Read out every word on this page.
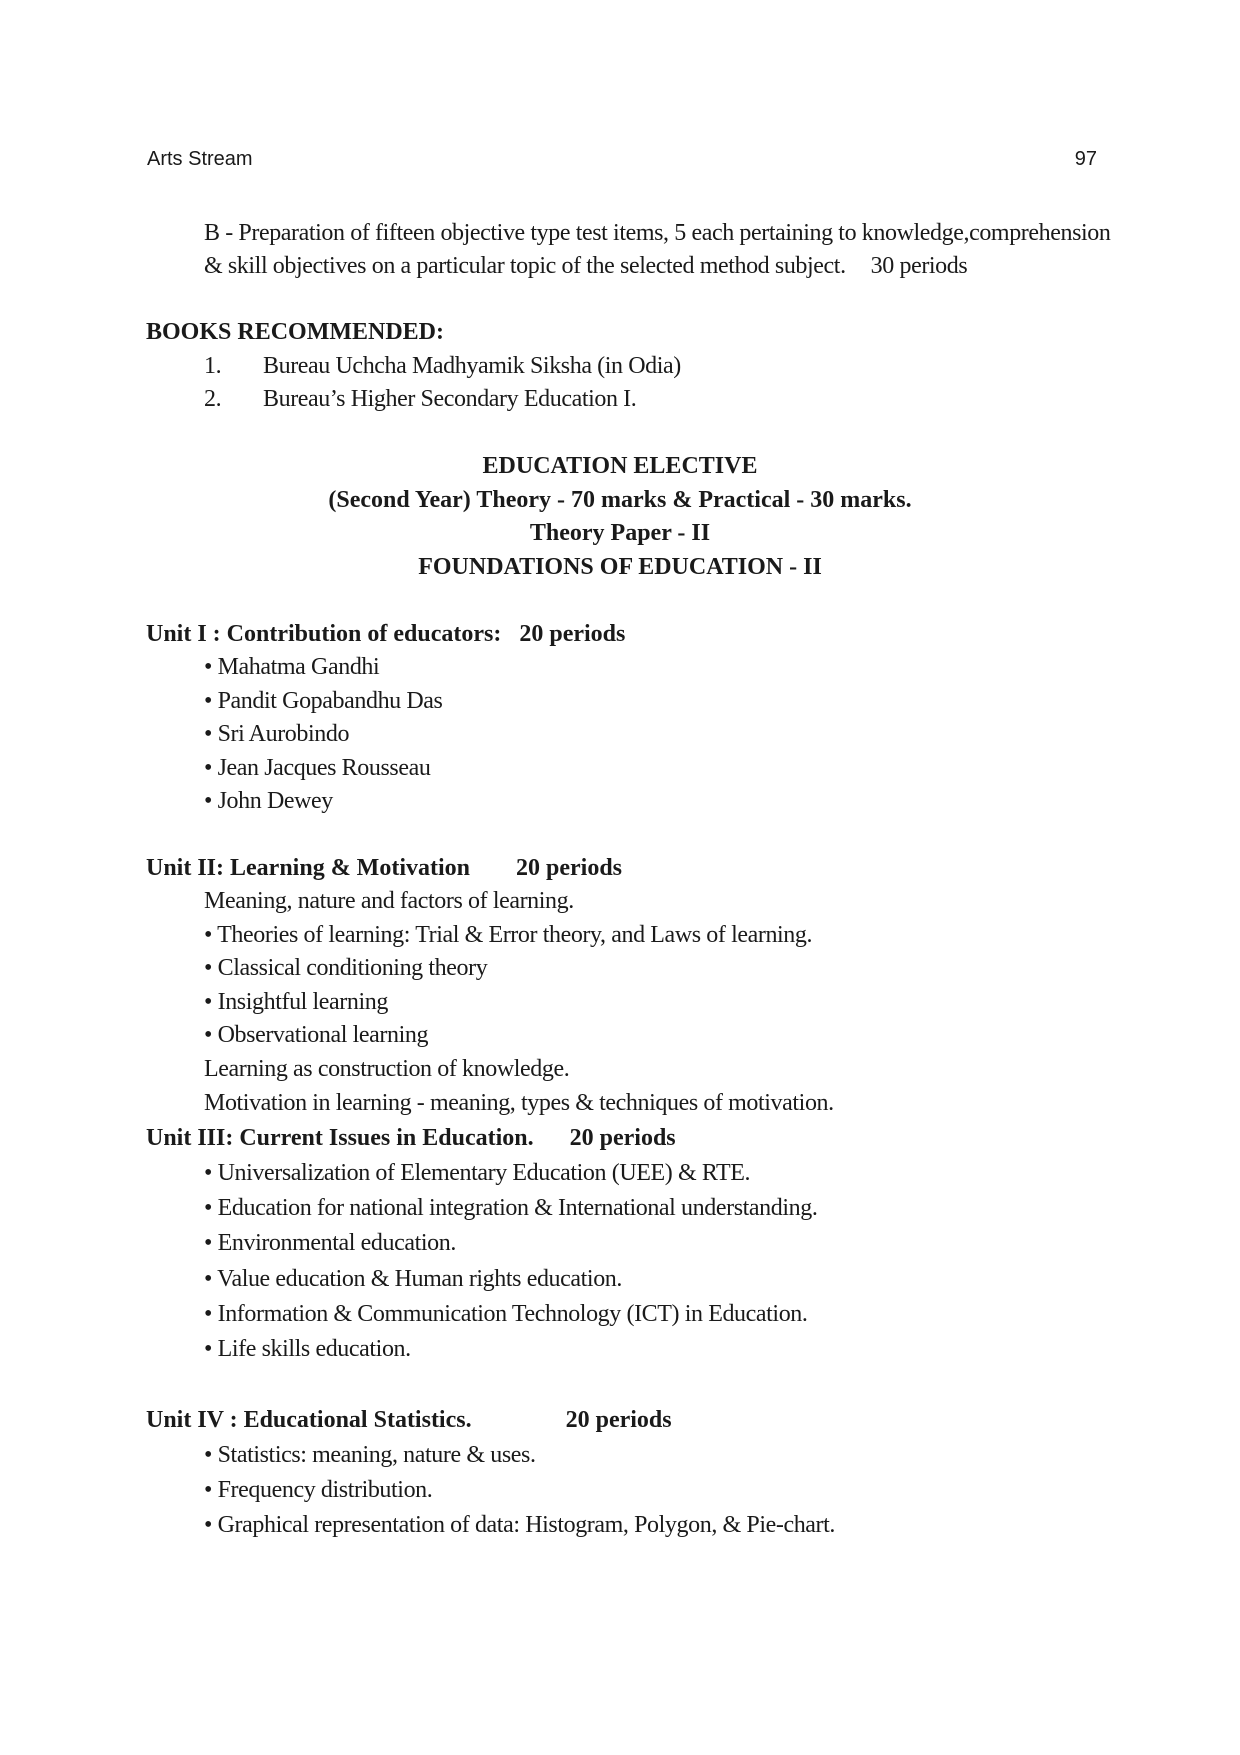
Arts Stream	97
B - Preparation of fifteen objective type test items, 5 each pertaining to knowledge,comprehension
& skill objectives on a particular topic of the selected method subject. 30 periods
BOOKS RECOMMENDED:
1. Bureau Uchcha Madhyamik Siksha (in Odia)
2. Bureau’s Higher Secondary Education I.
EDUCATION ELECTIVE
(Second Year) Theory - 70 marks & Practical - 30 marks.
Theory Paper - II
FOUNDATIONS OF EDUCATION - II
Unit I : Contribution of educators: 20 periods
• Mahatma Gandhi
• Pandit Gopabandhu Das
• Sri Aurobindo
• Jean Jacques Rousseau
• John Dewey
Unit II: Learning & Motivation 20 periods
Meaning, nature and factors of learning.
• Theories of learning: Trial & Error theory, and Laws of learning.
• Classical conditioning theory
• Insightful learning
• Observational learning
Learning as construction of knowledge.
Motivation in learning - meaning, types & techniques of motivation.
Unit III: Current Issues in Education. 20 periods
• Universalization of Elementary Education (UEE) & RTE.
• Education for national integration & International understanding.
• Environmental education.
• Value education & Human rights education.
• Information & Communication Technology (ICT) in Education.
• Life skills education.
Unit IV : Educational Statistics.	20 periods
• Statistics: meaning, nature & uses.
• Frequency distribution.
• Graphical representation of data: Histogram, Polygon, & Pie-chart.
